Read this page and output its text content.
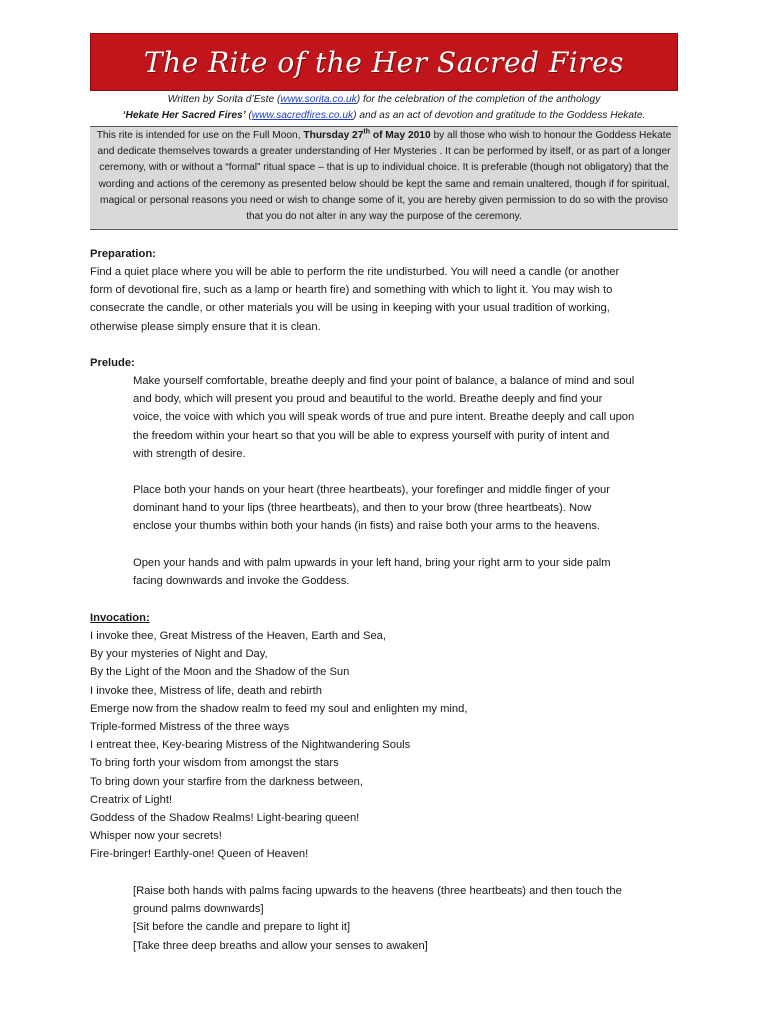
The Rite of the Her Sacred Fires
Written by Sorita d’Este (www.sorita.co.uk) for the celebration of the completion of the anthology
‘Hekate Her Sacred Fires’ (www.sacredfires.co.uk) and as an act of devotion and gratitude to the Goddess Hekate.
This rite is intended for use on the Full Moon, Thursday 27th of May 2010 by all those who wish to honour the Goddess Hekate and dedicate themselves towards a greater understanding of Her Mysteries . It can be performed by itself, or as part of a longer ceremony, with or without a “formal” ritual space – that is up to individual choice. It is preferable (though not obligatory) that the wording and actions of the ceremony as presented below should be kept the same and remain unaltered, though if for spiritual, magical or personal reasons you need or wish to change some of it, you are hereby given permission to do so with the proviso that you do not alter in any way the purpose of the ceremony.

Preparation:

Find a quiet place where you will be able to perform the rite undisturbed. You will need a candle (or another
form of devotional fire, such as a lamp or hearth fire) and something with which to light it. You may wish to
consecrate the candle, or other materials you will be using in keeping with your usual tradition of working,
otherwise please simply ensure that it is clean.

Prelude:

Make yourself comfortable, breathe deeply and find your point of balance, a balance of mind and soul
and body, which will present you proud and beautiful to the world. Breathe deeply and find your
voice, the voice with which you will speak words of true and pure intent. Breathe deeply and call upon
the freedom within your heart so that you will be able to express yourself with purity of intent and
with strength of desire.

Place both your hands on your heart (three heartbeats), your forefinger and middle finger of your
dominant hand to your lips (three heartbeats), and then to your brow (three heartbeats). Now
enclose your thumbs within both your hands (in fists) and raise both your arms to the heavens.

Open your hands and with palm upwards in your left hand, bring your right arm to your side palm
facing downwards and invoke the Goddess.

Invocation:

I invoke thee, Great Mistress of the Heaven, Earth and Sea,
By your mysteries of Night and Day,
By the Light of the Moon and the Shadow of the Sun
I invoke thee, Mistress of life, death and rebirth
Emerge now from the shadow realm to feed my soul and enlighten my mind,
Triple-formed Mistress of the three ways
I entreat thee, Key-bearing Mistress of the Nightwandering Souls
To bring forth your wisdom from amongst the stars
To bring down your starfire from the darkness between,
Creatrix of Light!
Goddess of the Shadow Realms! Light-bearing queen!
Whisper now your secrets!
Fire-bringer! Earthly-one! Queen of Heaven!

[Raise both hands with palms facing upwards to the heavens (three heartbeats) and then touch the
ground palms downwards]
[Sit before the candle and prepare to light it]
[Take three deep breaths and allow your senses to awaken]
